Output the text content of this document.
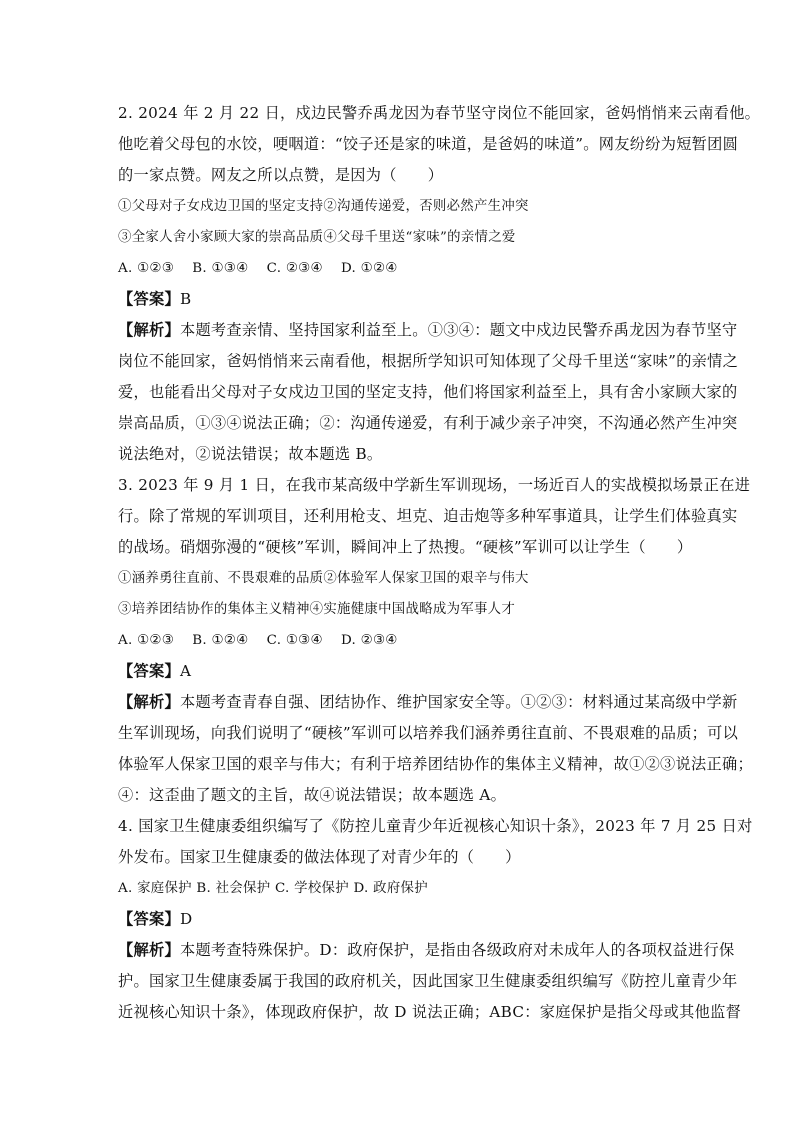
2. 2024 年 2 月 22 日，戍边民警乔禹龙因为春节坚守岗位不能回家，爸妈悄悄来云南看他。
他吃着父母包的水饺，哽咽道：“饺子还是家的味道，是爸妈的味道”。网友纷纷为短暂团圆
的一家点赞。网友之所以点赞，是因为（　　）
①父母对子女戍边卫国的坚定支持②沟通传递爱，否则必然产生冲突
③全家人舍小家顾大家的崇高品质④父母千里送“家味”的亲情之爱
A. ①②③　 B. ①③④　 C. ②③④　 D. ①②④
【答案】B
【解析】本题考查亲情、坚持国家利益至上。①③④：题文中戍边民警乔禹龙因为春节坚守
岗位不能回家，爸妈悄悄来云南看他，根据所学知识可知体现了父母千里送“家味”的亲情之
爱，也能看出父母对子女戍边卫国的坚定支持，他们将国家利益至上，具有舍小家顾大家的
崇高品质，①③④说法正确；②：沟通传递爱，有利于减少亲子冲突，不沟通必然产生冲突
说法绝对，②说法错误；故本题选 B。
3. 2023 年 9 月 1 日，在我市某高级中学新生军训现场，一场近百人的实战模拟场景正在进
行。除了常规的军训项目，还利用枪支、坦克、迫击炮等多种军事道具，让学生们体验真实
的战场。硝烟弥漫的“硬核”军训，瞬间冲上了热搜。“硬核”军训可以让学生（　　）
①涵养勇往直前、不畏艰难的品质②体验军人保家卫国的艰辛与伟大
③培养团结协作的集体主义精神④实施健康中国战略成为军事人才
A. ①②③　 B. ①②④　 C. ①③④　 D. ②③④
【答案】A
【解析】本题考查青春自强、团结协作、维护国家安全等。①②③：材料通过某高级中学新
生军训现场，向我们说明了“硬核”军训可以培养我们涵养勇往直前、不畏艰难的品质；可以
体验军人保家卫国的艰辛与伟大；有利于培养团结协作的集体主义精神，故①②③说法正确；
④：这歪曲了题文的主旨，故④说法错误；故本题选 A。
4. 国家卫生健康委组织编写了《防控儿童青少年近视核心知识十条》，2023 年 7 月 25 日对
外发布。国家卫生健康委的做法体现了对青少年的（　　）
A. 家庭保护 B. 社会保护 C. 学校保护 D. 政府保护
【答案】D
【解析】本题考查特殊保护。D：政府保护，是指由各级政府对未成年人的各项权益进行保
护。国家卫生健康委属于我国的政府机关，因此国家卫生健康委组织编写《防控儿童青少年
近视核心知识十条》，体现政府保护，故 D 说法正确；ABC：家庭保护是指父母或其他监督
